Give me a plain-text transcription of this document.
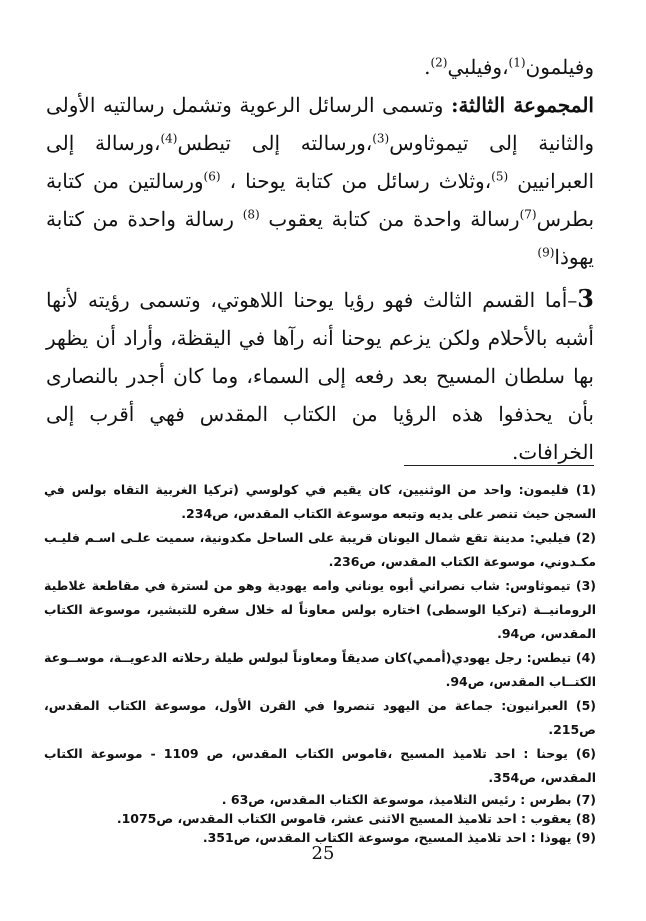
وفيلمون$^{(1)}$،وفيلبي$^{(2)}$.

المجموعة الثالثة: وتسمى الرسائل الرعوية وتشمل رسالتيه الأولى والثانية إلى تيموثاوس$^{(3)}$،ورسالته إلى تيطس$^{(4)}$،ورسالة إلى العبرانيين $^{(5)}$،وثلاث رسائل من كتابة يوحنا ، $^{(6)}$ورسالتين من كتابة بطرس$^{(7)}$رسالة واحدة من كتابة يعقوب $^{(8)}$ رسالة واحدة من كتابة يهوذا$^{(9)}$

3–أما القسم الثالث فهو رؤيا يوحنا اللاهوتي، وتسمى رؤيته لأنها أشبه بالأحلام ولكن يزعم يوحنا أنه رآها في اليقظة، وأراد أن يظهر بها سلطان المسيح بعد رفعه إلى السماء، وما كان أجدر بالنصارى بأن يحذفوا هذه الرؤيا من الكتاب المقدس فهي أقرب إلى الخرافات.

(1) فليمون: واحد من الوثنيين، كان يقيم في كولوسي (تركيا الغربية التقاه بولس في السجن حيث تنصر على يديه وتبعه موسوعة الكتاب المقدس، ص234.

(2) فيلبي: مدينة تقع شمال اليونان قريبة على الساحل مكدونية، سميت علـى اسـم فليـب مكـدوني، موسوعة الكتاب المقدس، ص236.

(3) تيموثاوس: شاب نصراني أبوه يوناني وامه يهودية وهو من لسترة في مقاطعة غلاطية الرومانيــة (تركيا الوسطى) اختاره بولس معاوناً له خلال سفره للتبشير، موسوعة الكتاب المقدس، ص94.

(4) تيطس: رجل يهودي(أممي)كان صديقاً ومعاوناً لبولس طيلة رحلاته الدعويــة، موســوعة الكتــاب المقدس، ص94.

(5) العبرانيون: جماعة من اليهود تنصروا في القرن الأول، موسوعة الكتاب المقدس، ص215.

(6) يوحنا : احد تلاميذ المسيح ،قاموس الكتاب المقدس، ص 1109 - موسوعة الكتاب المقدس، ص354.

(7) بطرس : رئيس التلاميذ، موسوعة الكتاب المقدس، ص63 .

(8) يعقوب : احد تلاميذ المسيح الاثنى عشر، قاموس الكتاب المقدس، ص1075.

(9) يهوذا : احد تلاميذ المسيح، موسوعة الكتاب المقدس، ص351.

25
